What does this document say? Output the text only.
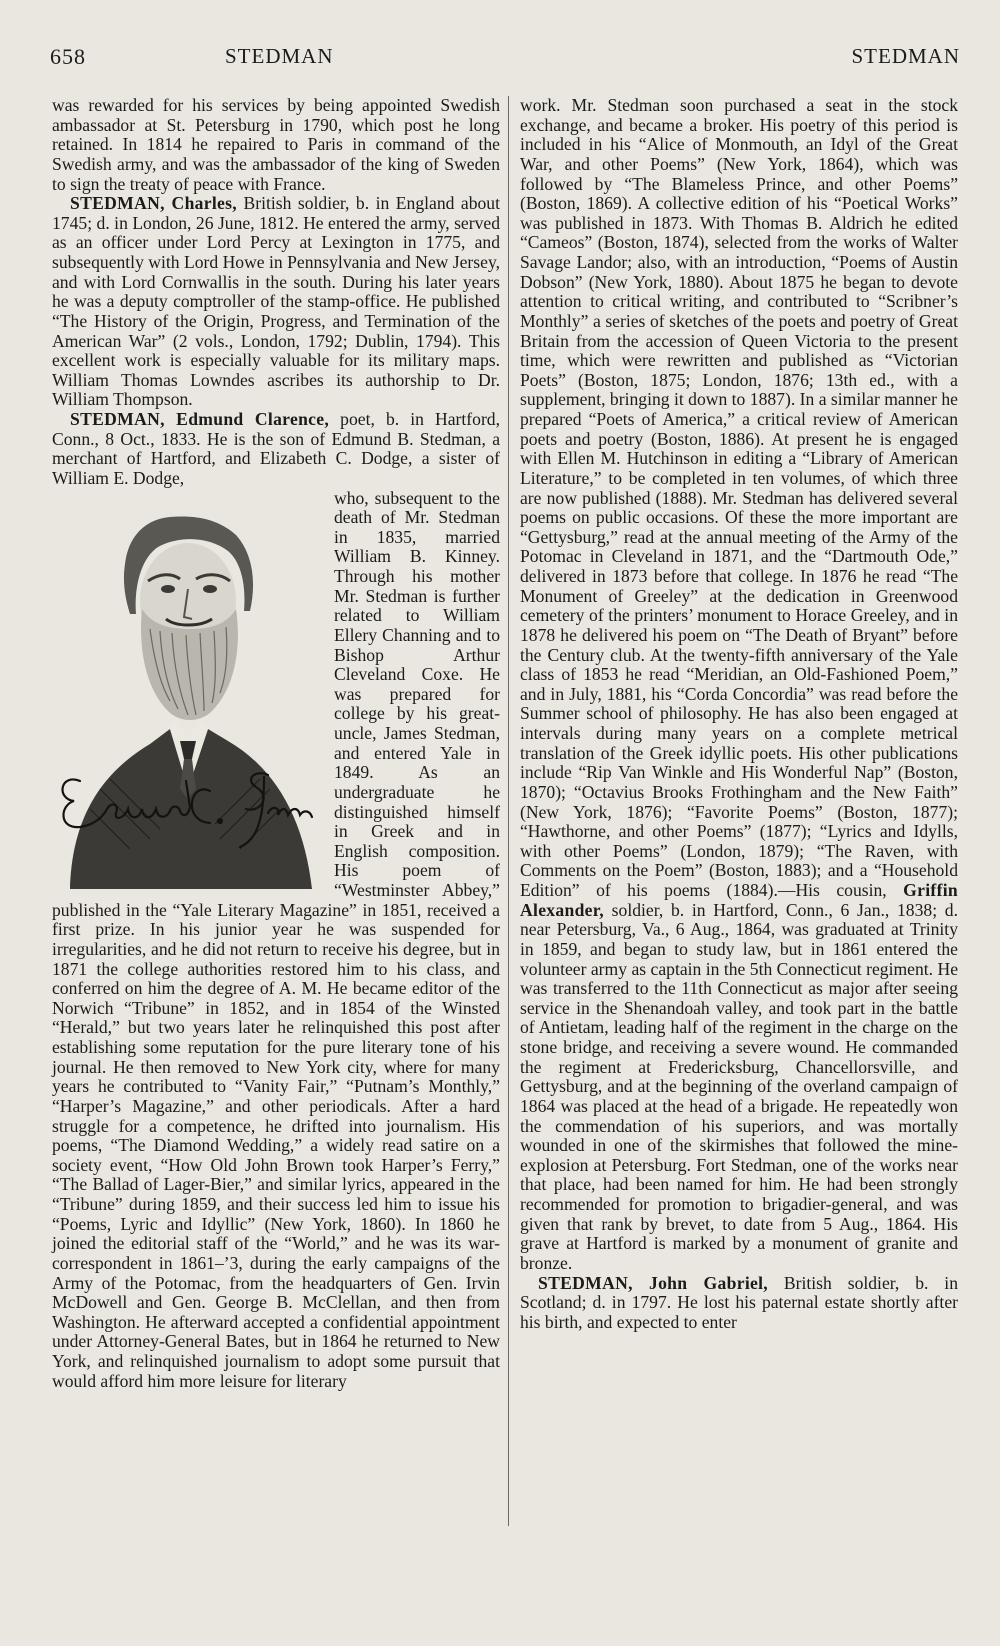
658	STEDMAN	STEDMAN

was rewarded for his services by being appointed Swedish ambassador at St. Petersburg in 1790, which post he long retained. In 1814 he repaired to Paris in command of the Swedish army, and was the ambassador of the king of Sweden to sign the treaty of peace with France.

STEDMAN, Charles, British soldier, b. in England about 1745; d. in London, 26 June, 1812. He entered the army, served as an officer under Lord Percy at Lexington in 1775, and subsequently with Lord Howe in Pennsylvania and New Jersey, and with Lord Cornwallis in the south. During his later years he was a deputy comptroller of the stamp-office. He published “The History of the Origin, Progress, and Termination of the American War” (2 vols., London, 1792; Dublin, 1794). This excellent work is especially valuable for its military maps. William Thomas Lowndes ascribes its authorship to Dr. William Thompson.

STEDMAN, Edmund Clarence, poet, b. in Hartford, Conn., 8 Oct., 1833. He is the son of Edmund B. Stedman, a merchant of Hartford, and Elizabeth C. Dodge, a sister of William E. Dodge,

who, subsequent to the death of Mr. Stedman in 1835, married William B. Kinney. Through his mother Mr. Stedman is further related to William Ellery Channing and to Bishop Arthur Cleveland Coxe. He was prepared for college by his great-uncle, James Stedman, and entered Yale in 1849. As an undergraduate he distinguished himself in Greek and in English composition. His poem of “Westminster Abbey,” published in the “Yale Literary Magazine” in 1851, received a first prize. In his junior year he was suspended for irregularities, and he did not return to receive his degree, but in 1871 the college authorities restored him to his class, and conferred on him the degree of A. M. He became editor of the Norwich “Tribune” in 1852, and in 1854 of the Winsted “Herald,” but two years later he relinquished this post after establishing some reputation for the pure literary tone of his journal. He then removed to New York city, where for many years he contributed to “Vanity Fair,” “Putnam’s Monthly,” “Harper’s Magazine,” and other periodicals. After a hard struggle for a competence, he drifted into journalism. His poems, “The Diamond Wedding,” a widely read satire on a society event, “How Old John Brown took Harper’s Ferry,” “The Ballad of Lager-Bier,” and similar lyrics, appeared in the “Tribune” during 1859, and their success led him to issue his “Poems, Lyric and Idyllic” (New York, 1860). In 1860 he joined the editorial staff of the “World,” and he was its war-correspondent in 1861–’3, during the early campaigns of the Army of the Potomac, from the headquarters of Gen. Irvin McDowell and Gen. George B. McClellan, and then from Washington. He afterward accepted a confidential appointment under Attorney-General Bates, but in 1864 he returned to New York, and relinquished journalism to adopt some pursuit that would afford him more leisure for literary

work. Mr. Stedman soon purchased a seat in the stock exchange, and became a broker. His poetry of this period is included in his “Alice of Monmouth, an Idyl of the Great War, and other Poems” (New York, 1864), which was followed by “The Blameless Prince, and other Poems” (Boston, 1869). A collective edition of his “Poetical Works” was published in 1873. With Thomas B. Aldrich he edited “Cameos” (Boston, 1874), selected from the works of Walter Savage Landor; also, with an introduction, “Poems of Austin Dobson” (New York, 1880). About 1875 he began to devote attention to critical writing, and contributed to “Scribner’s Monthly” a series of sketches of the poets and poetry of Great Britain from the accession of Queen Victoria to the present time, which were rewritten and published as “Victorian Poets” (Boston, 1875; London, 1876; 13th ed., with a supplement, bringing it down to 1887). In a similar manner he prepared “Poets of America,” a critical review of American poets and poetry (Boston, 1886). At present he is engaged with Ellen M. Hutchinson in editing a “Library of American Literature,” to be completed in ten volumes, of which three are now published (1888). Mr. Stedman has delivered several poems on public occasions. Of these the more important are “Gettysburg,” read at the annual meeting of the Army of the Potomac in Cleveland in 1871, and the “Dartmouth Ode,” delivered in 1873 before that college. In 1876 he read “The Monument of Greeley” at the dedication in Greenwood cemetery of the printers’ monument to Horace Greeley, and in 1878 he delivered his poem on “The Death of Bryant” before the Century club. At the twenty-fifth anniversary of the Yale class of 1853 he read “Meridian, an Old-Fashioned Poem,” and in July, 1881, his “Corda Concordia” was read before the Summer school of philosophy. He has also been engaged at intervals during many years on a complete metrical translation of the Greek idyllic poets. His other publications include “Rip Van Winkle and His Wonderful Nap” (Boston, 1870); “Octavius Brooks Frothingham and the New Faith” (New York, 1876); “Favorite Poems” (Boston, 1877); “Hawthorne, and other Poems” (1877); “Lyrics and Idylls, with other Poems” (London, 1879); “The Raven, with Comments on the Poem” (Boston, 1883); and a “Household Edition” of his poems (1884).—His cousin, Griffin Alexander, soldier, b. in Hartford, Conn., 6 Jan., 1838; d. near Petersburg, Va., 6 Aug., 1864, was graduated at Trinity in 1859, and began to study law, but in 1861 entered the volunteer army as captain in the 5th Connecticut regiment. He was transferred to the 11th Connecticut as major after seeing service in the Shenandoah valley, and took part in the battle of Antietam, leading half of the regiment in the charge on the stone bridge, and receiving a severe wound. He commanded the regiment at Fredericksburg, Chancellorsville, and Gettysburg, and at the beginning of the overland campaign of 1864 was placed at the head of a brigade. He repeatedly won the commendation of his superiors, and was mortally wounded in one of the skirmishes that followed the mine-explosion at Petersburg. Fort Stedman, one of the works near that place, had been named for him. He had been strongly recommended for promotion to brigadier-general, and was given that rank by brevet, to date from 5 Aug., 1864. His grave at Hartford is marked by a monument of granite and bronze.

STEDMAN, John Gabriel, British soldier, b. in Scotland; d. in 1797. He lost his paternal estate shortly after his birth, and expected to enter
